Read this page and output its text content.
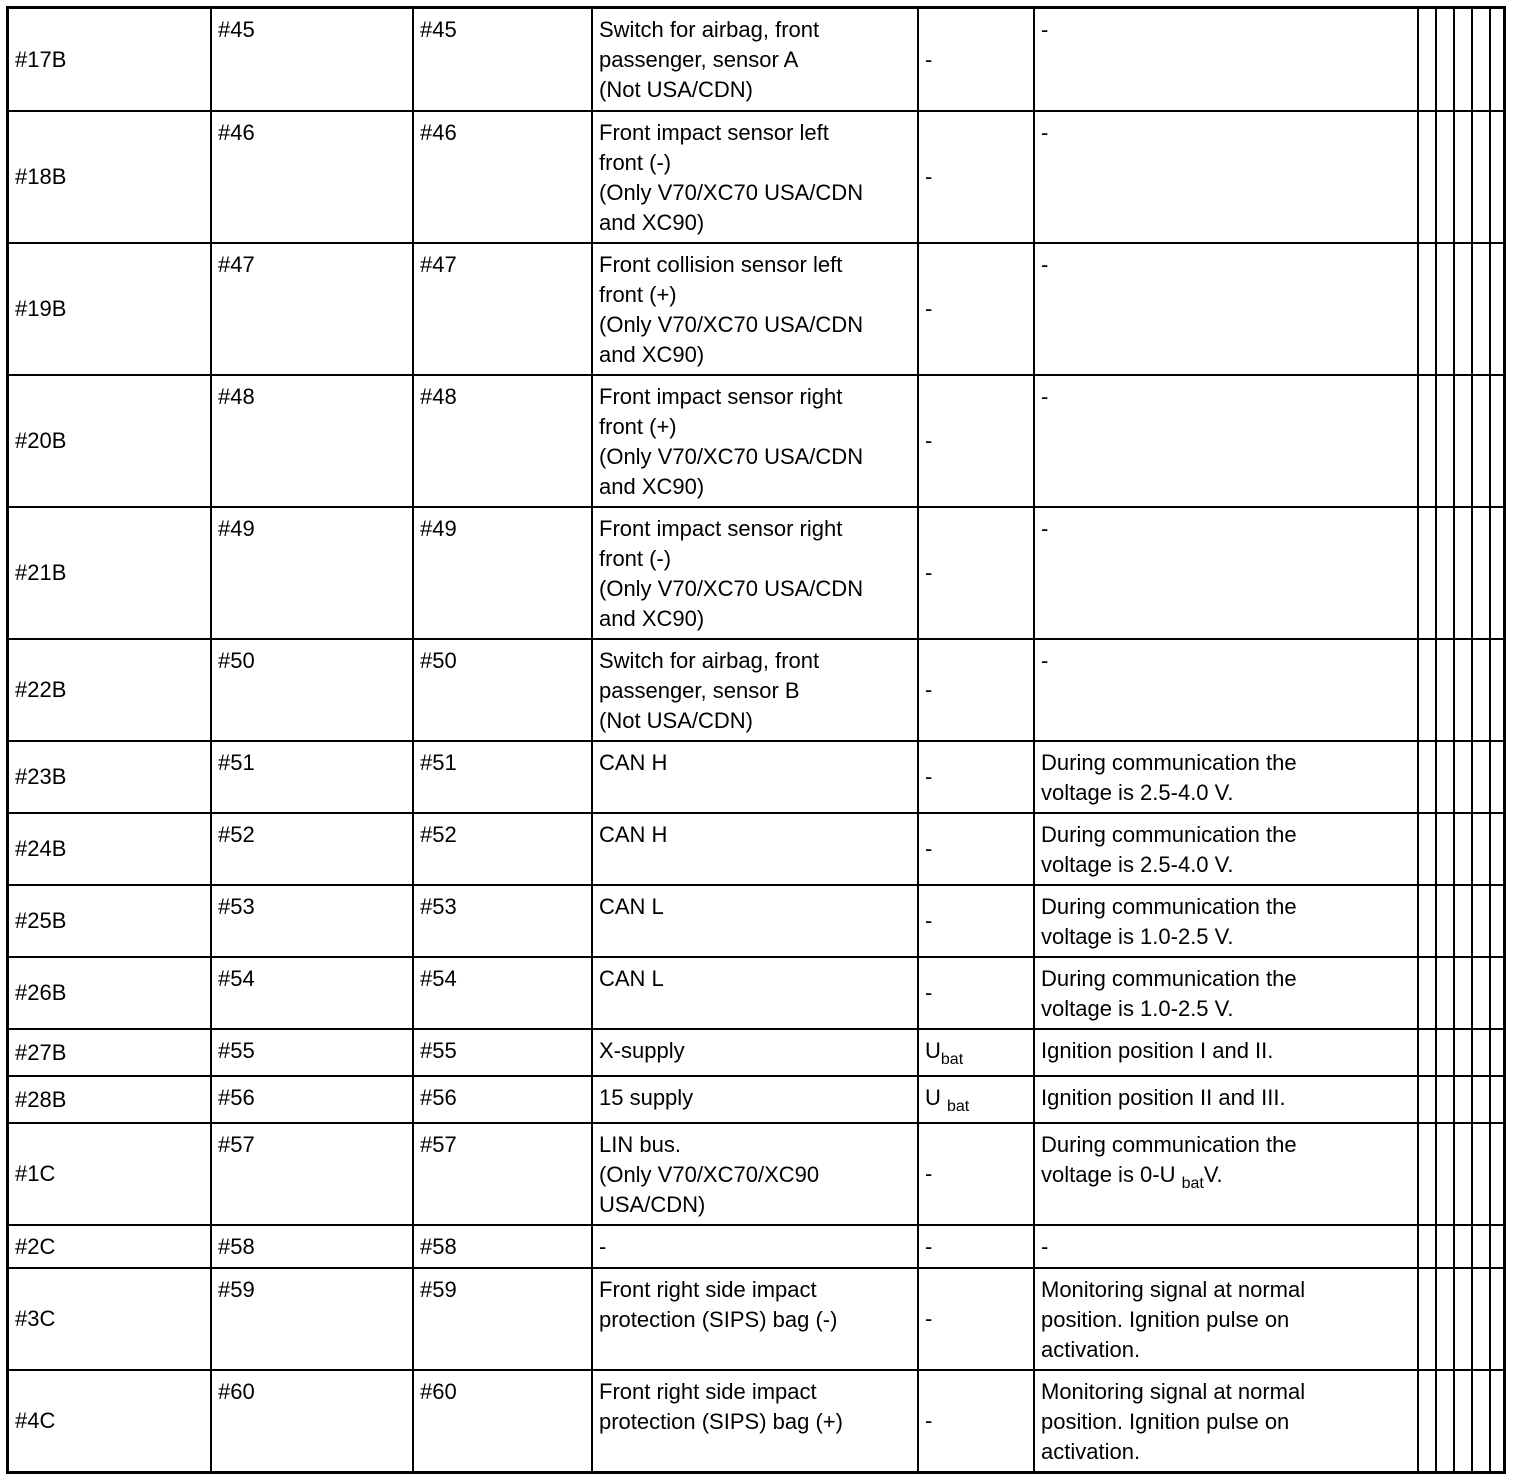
#17B	#45	#45	Switch for airbag, front
passenger, sensor A
(Not USA/CDN)	-	-					
#18B	#46	#46	Front impact sensor left
front (-)
(Only V70/XC70 USA/CDN
and XC90)	-	-					
#19B	#47	#47	Front collision sensor left
front (+)
(Only V70/XC70 USA/CDN
and XC90)	-	-					
#20B	#48	#48	Front impact sensor right
front (+)
(Only V70/XC70 USA/CDN
and XC90)	-	-					
#21B	#49	#49	Front impact sensor right
front (-)
(Only V70/XC70 USA/CDN
and XC90)	-	-					
#22B	#50	#50	Switch for airbag, front
passenger, sensor B
(Not USA/CDN)	-	-					
#23B	#51	#51	CAN H	-	During communication the
voltage is 2.5-4.0 V.					
#24B	#52	#52	CAN H	-	During communication the
voltage is 2.5-4.0 V.					
#25B	#53	#53	CAN L	-	During communication the
voltage is 1.0-2.5 V.					
#26B	#54	#54	CAN L	-	During communication the
voltage is 1.0-2.5 V.					
#27B	#55	#55	X-supply	$U_{bat}$	Ignition position I and II.					
#28B	#56	#56	15 supply	U $_{bat}$	Ignition position II and III.					
#1C	#57	#57	LIN bus.
(Only V70/XC70/XC90
USA/CDN)	-	During communication the
voltage is 0-U $_{bat}$V.					
#2C	#58	#58	-	-	-					
#3C	#59	#59	Front right side impact
protection (SIPS) bag (-)	-	Monitoring signal at normal
position. Ignition pulse on
activation.					
#4C	#60	#60	Front right side impact
protection (SIPS) bag (+)	-	Monitoring signal at normal
position. Ignition pulse on
activation.					
